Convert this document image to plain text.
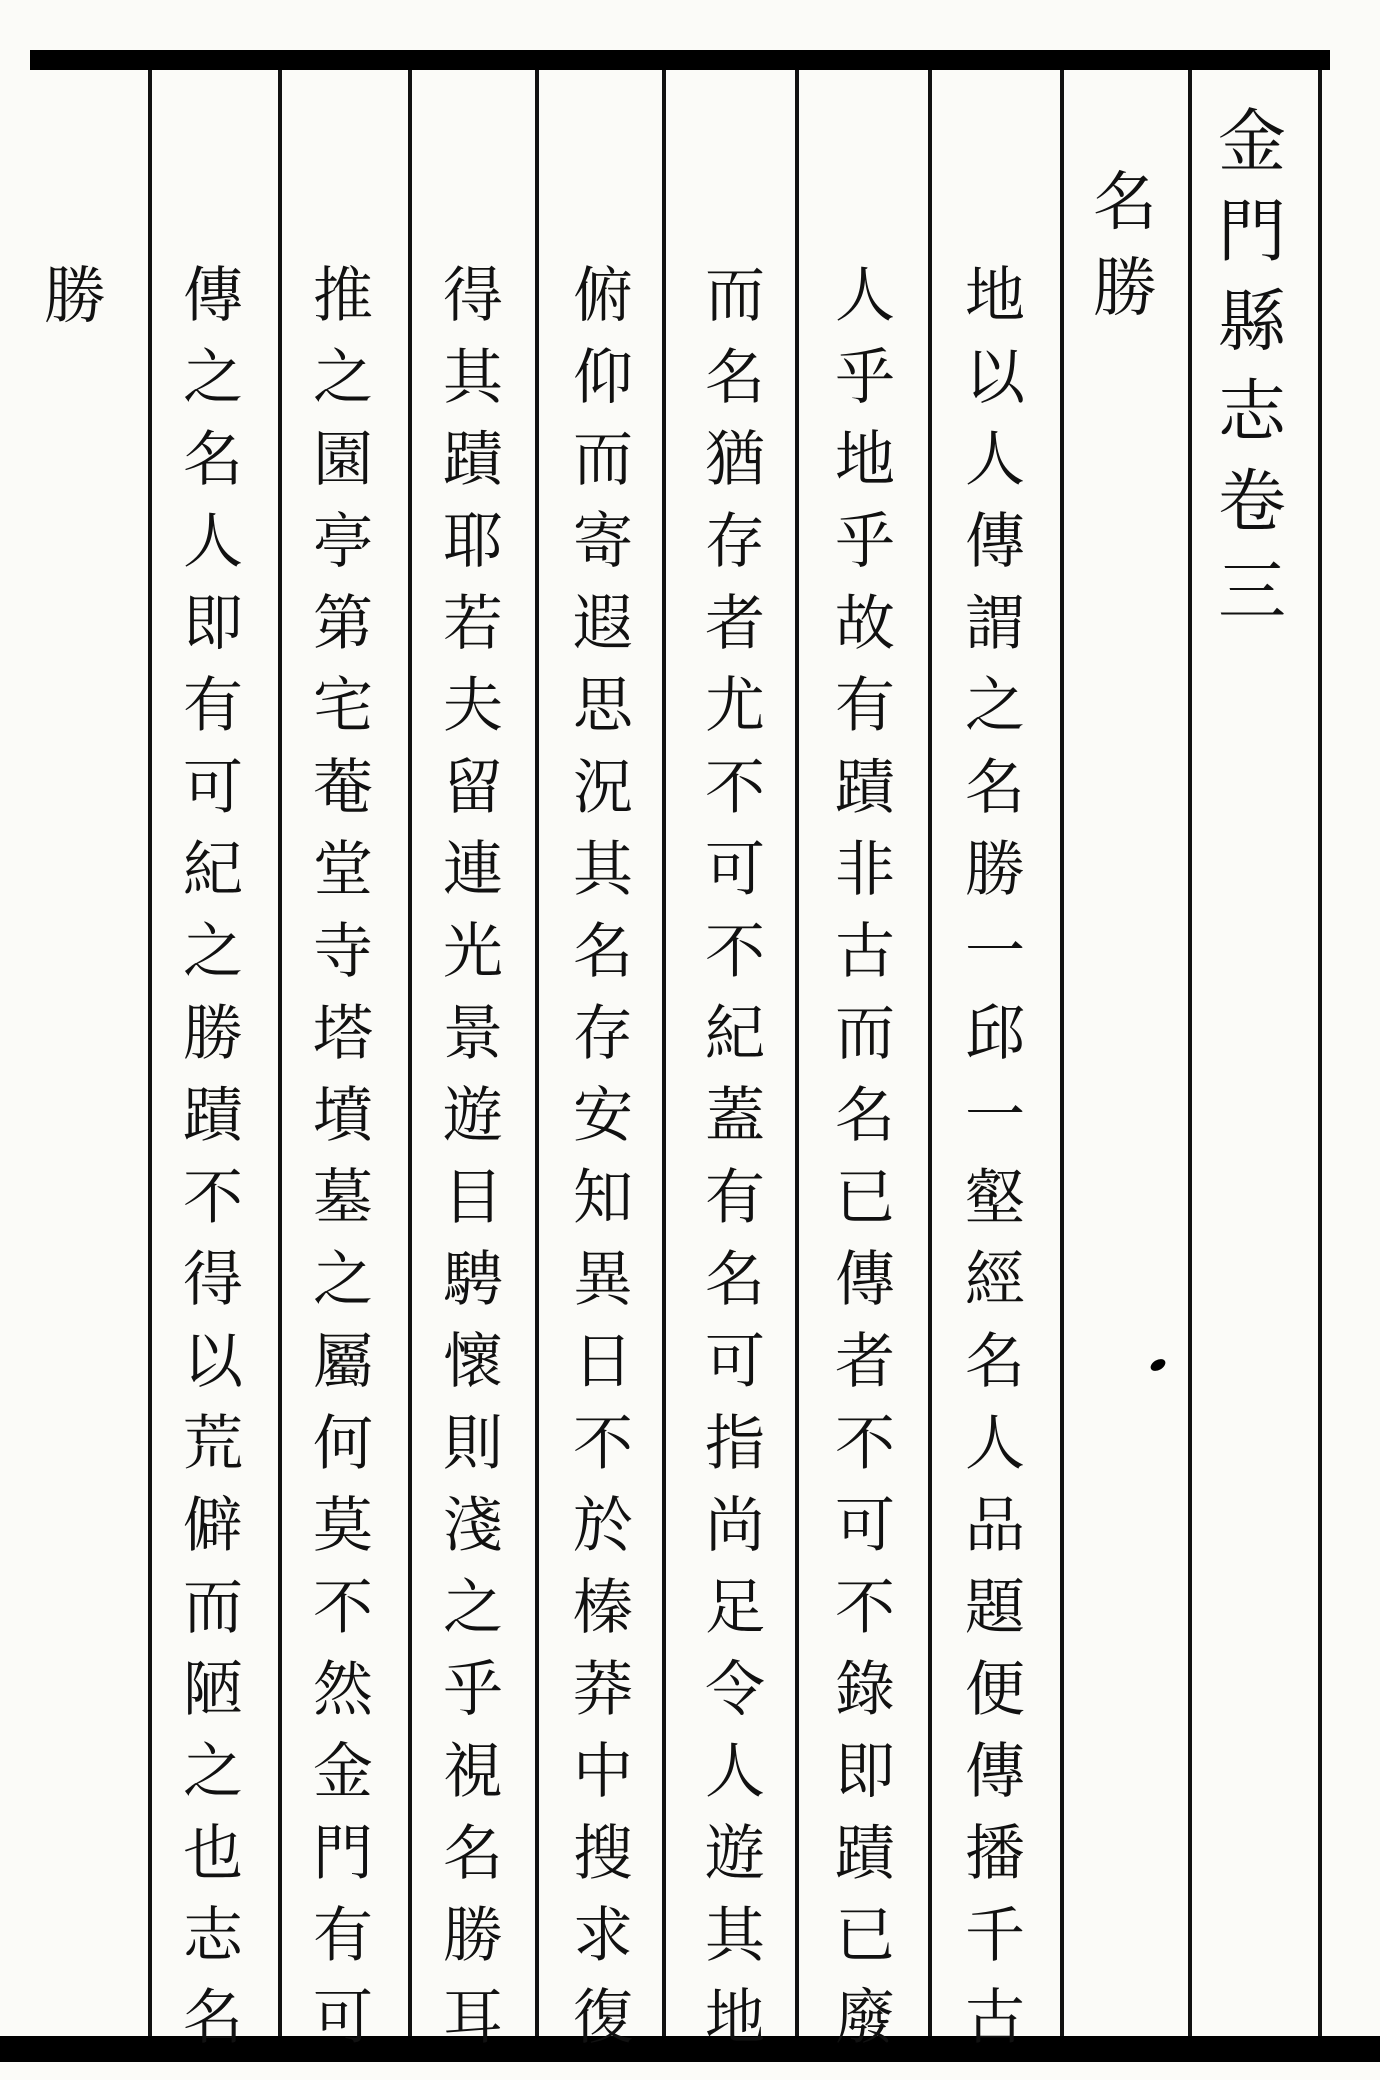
金
門
縣
志
卷
三
名
勝
地
以
人
傳
謂
之
名
勝
一
邱
一
壑
經
名
人
品
題
便
傳
播
千
古
人
乎
地
乎
故
有
蹟
非
古
而
名
已
傳
者
不
可
不
錄
即
蹟
已
廢
而
名
猶
存
者
尤
不
可
不
紀
蓋
有
名
可
指
尚
足
令
人
遊
其
地
俯
仰
而
寄
遐
思
況
其
名
存
安
知
異
日
不
於
榛
莽
中
搜
求
復
得
其
蹟
耶
若
夫
留
連
光
景
遊
目
騁
懷
則
淺
之
乎
視
名
勝
耳
推
之
園
亭
第
宅
菴
堂
寺
塔
墳
墓
之
屬
何
莫
不
然
金
門
有
可
傳
之
名
人
即
有
可
紀
之
勝
蹟
不
得
以
荒
僻
而
陋
之
也
志
名
勝
